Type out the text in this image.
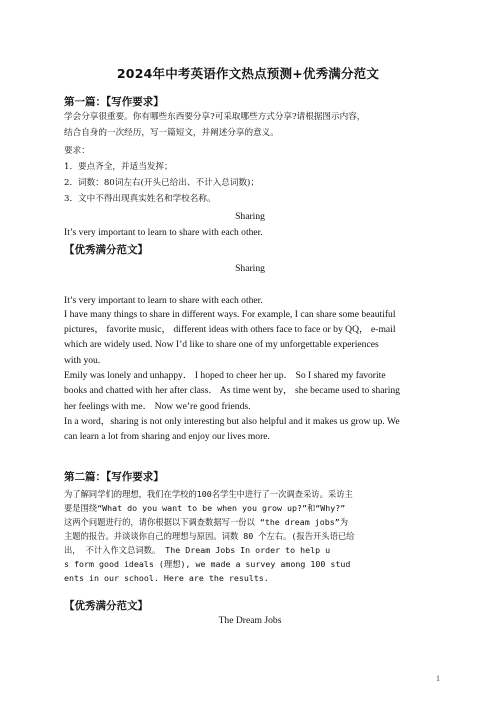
2024年中考英语作文热点预测+优秀满分范文
第一篇：【写作要求】
学会分享很重要。你有哪些东西要分享?可采取哪些方式分享?请根据图示内容，
结合自身的一次经历，写一篇短文，并阐述分享的意义。
要求：
1．要点齐全，并适当发挥；
2．词数：80词左右(开头已给出、不计入总词数)；
3．文中不得出现真实姓名和学校名称。
Sharing
It’s very important to learn to share with each other.
【优秀满分范文】
Sharing
It’s very important to learn to share with each other.
I have many things to share in different ways. For example, I can share some beautiful
pictures， favorite music， different ideas with others face to face or by QQ， e-mail
which are widely used. Now I’d like to share one of my unforgettable experiences
with you.
Emily was lonely and unhappy． I hoped to cheer her up． So I shared my favorite
books and chatted with her after class． As time went by， she became used to sharing
her feelings with me． Now we’re good friends.
In a word，sharing is not only interesting but also helpful and it makes us grow up. We
can learn a lot from sharing and enjoy our lives more.
第二篇：【写作要求】
为了解同学们的理想，我们在学校的100名学生中进行了一次调查采访。采访主
要是围绕“What do you want to be when you grow up?”和“Why?”
这两个问题进行的，请你根据以下调查数据写一份以 “the dream jobs”为
主题的报告。并谈谈你自己的理想与原因。词数 80 个左右。(报告开头语已给
出， 不计入作文总词数。 The Dream Jobs In order to help u
s form good ideals (理想), we made a survey among 100 stud
ents in our school. Here are the results.
【优秀满分范文】
The Dream Jobs
1
